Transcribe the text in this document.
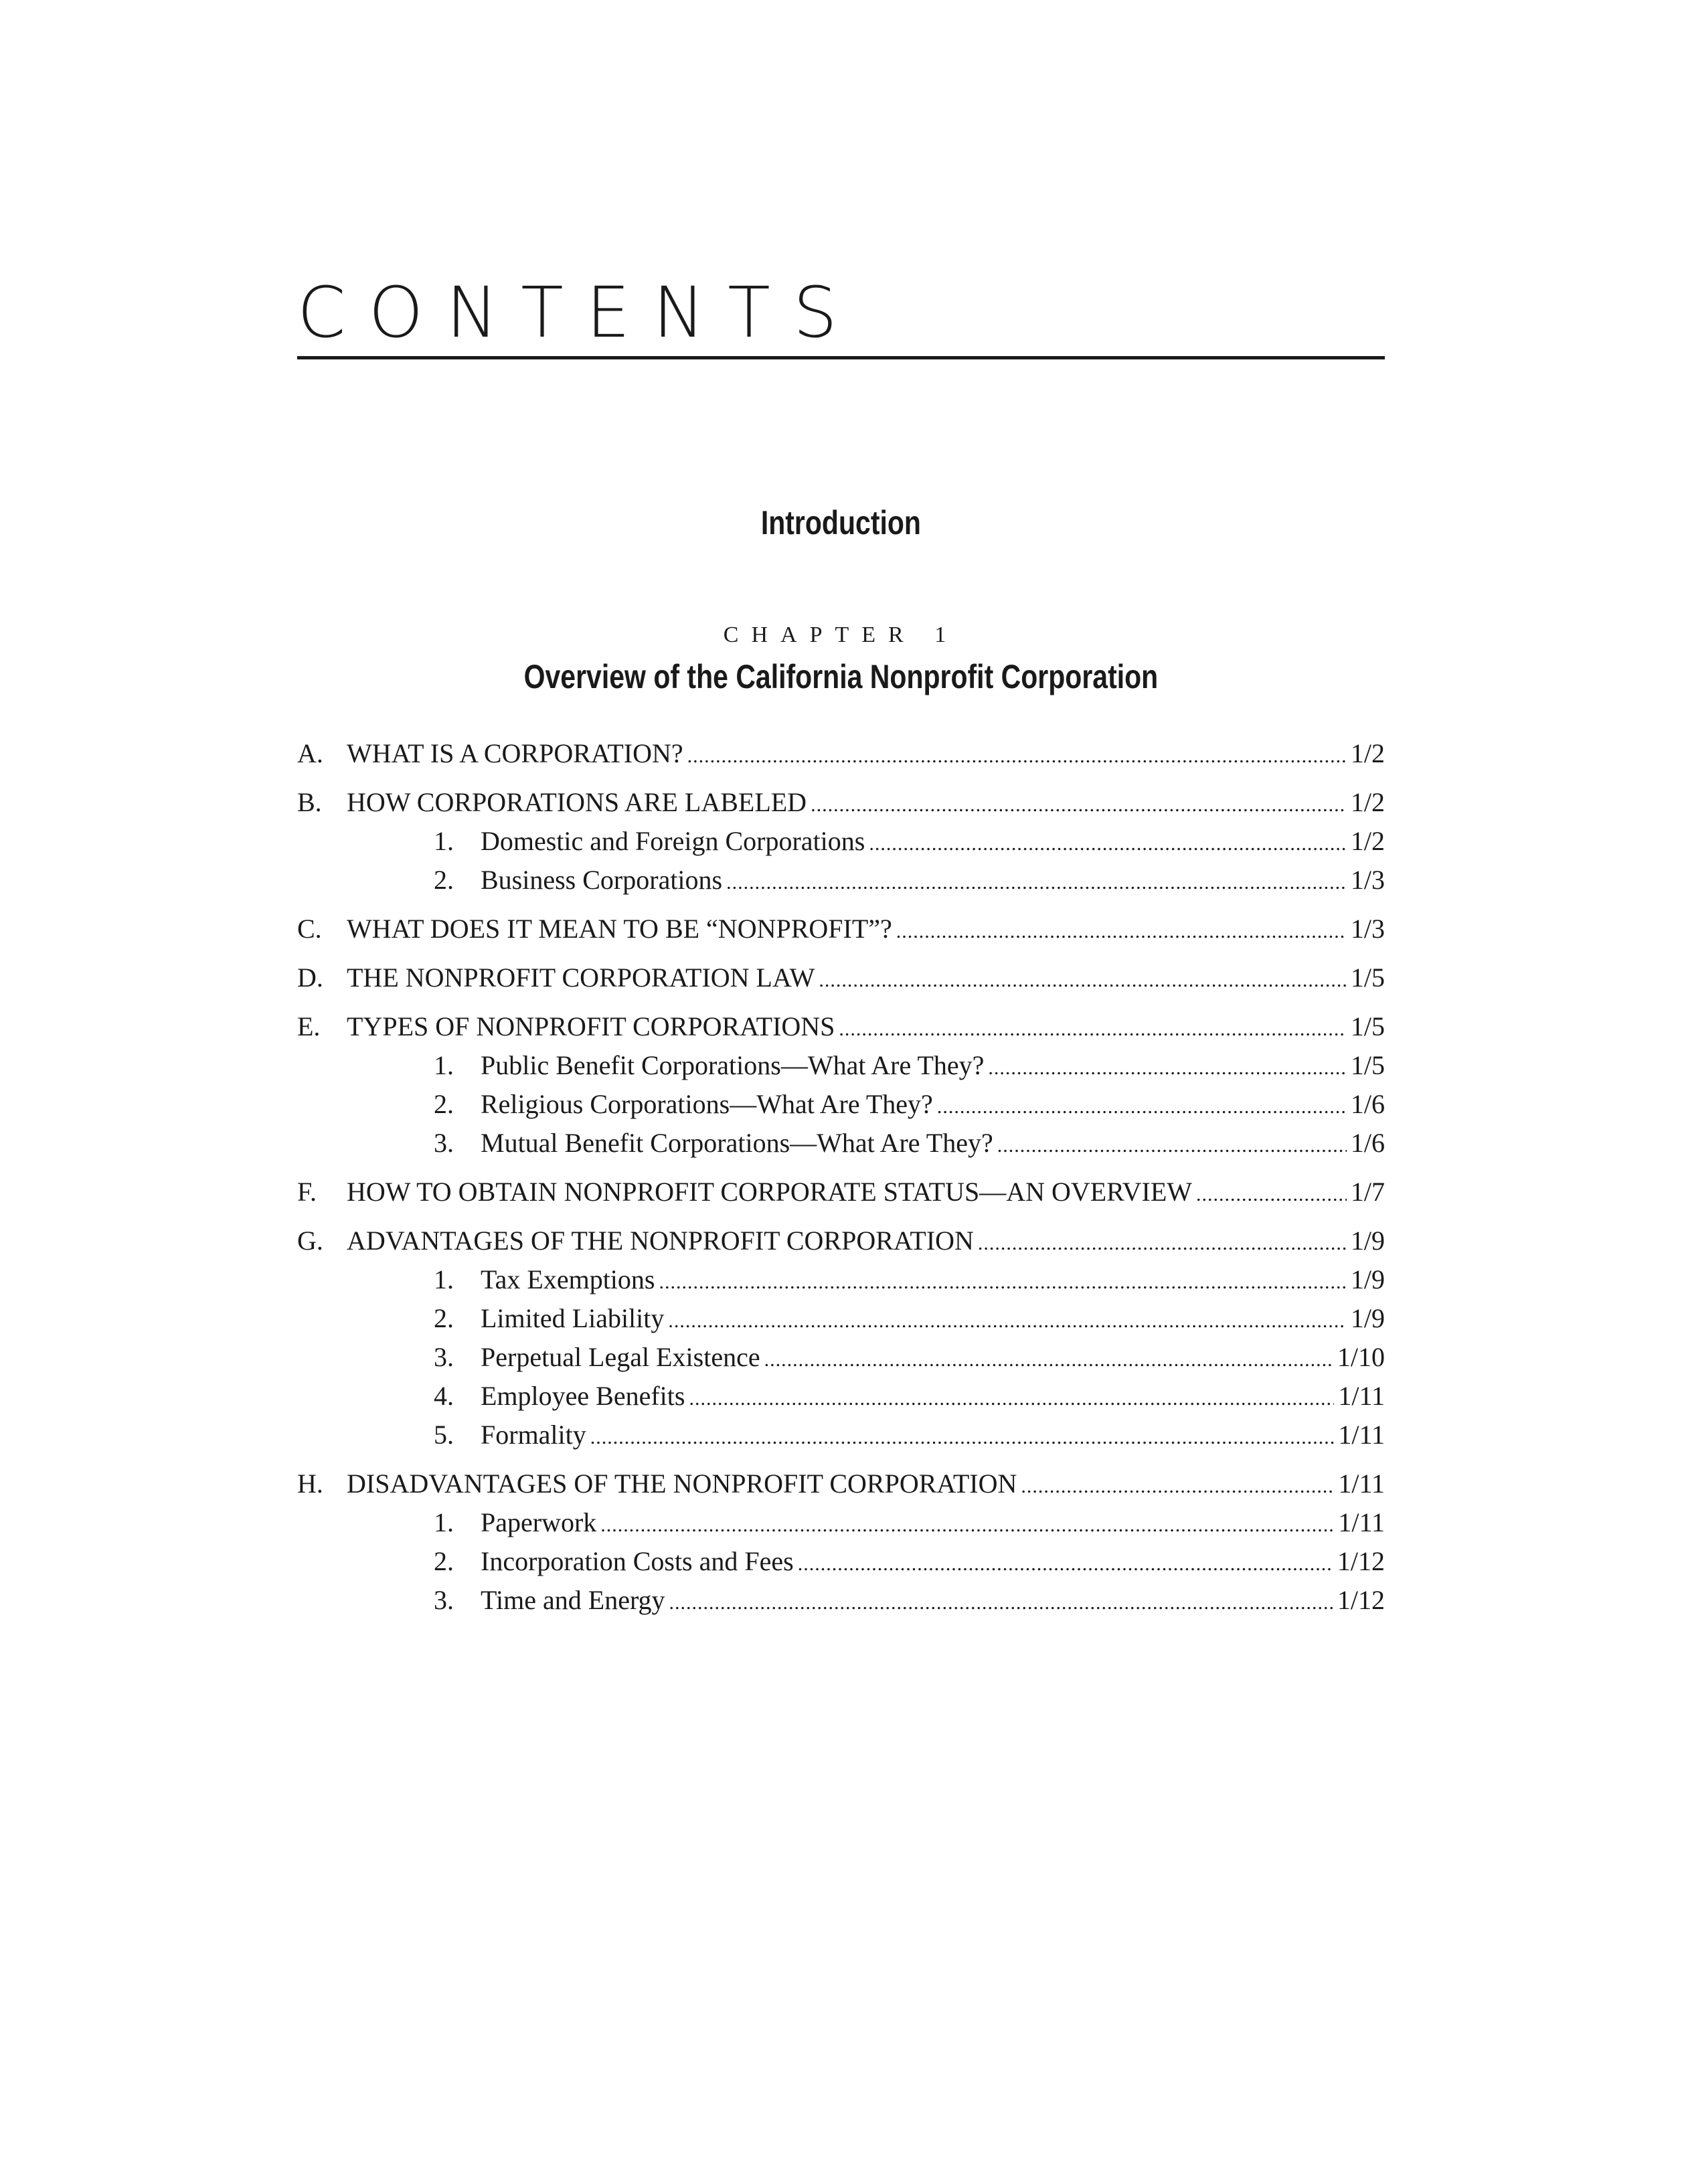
CONTENTS
Introduction
CHAPTER 1
Overview of the California Nonprofit Corporation
A. WHAT IS A CORPORATION? .....	1/2
B. HOW CORPORATIONS ARE LABELED .....	1/2
1.	Domestic and Foreign Corporations .....	1/2
2.	Business Corporations .....	1/3
C. WHAT DOES IT MEAN TO BE “NONPROFIT”? .....	1/3
D. THE NONPROFIT CORPORATION LAW .....	1/5
E. TYPES OF NONPROFIT CORPORATIONS .....	1/5
1.	Public Benefit Corporations—What Are They? .....	1/5
2.	Religious Corporations—What Are They? .....	1/6
3.	Mutual Benefit Corporations—What Are They? .....	1/6
F.	HOW TO OBTAIN NONPROFIT CORPORATE STATUS—AN OVERVIEW .....	1/7
G. ADVANTAGES OF THE NONPROFIT CORPORATION .....	1/9
1.	Tax Exemptions .....	1/9
2.	Limited Liability .....	1/9
3.	Perpetual Legal Existence .....	1/10
4.	Employee Benefits .....	1/11
5.	Formality .....	1/11
H. DISADVANTAGES OF THE NONPROFIT CORPORATION .....	1/11
1.	Paperwork .....	1/11
2.	Incorporation Costs and Fees .....	1/12
3.	Time and Energy .....	1/12
